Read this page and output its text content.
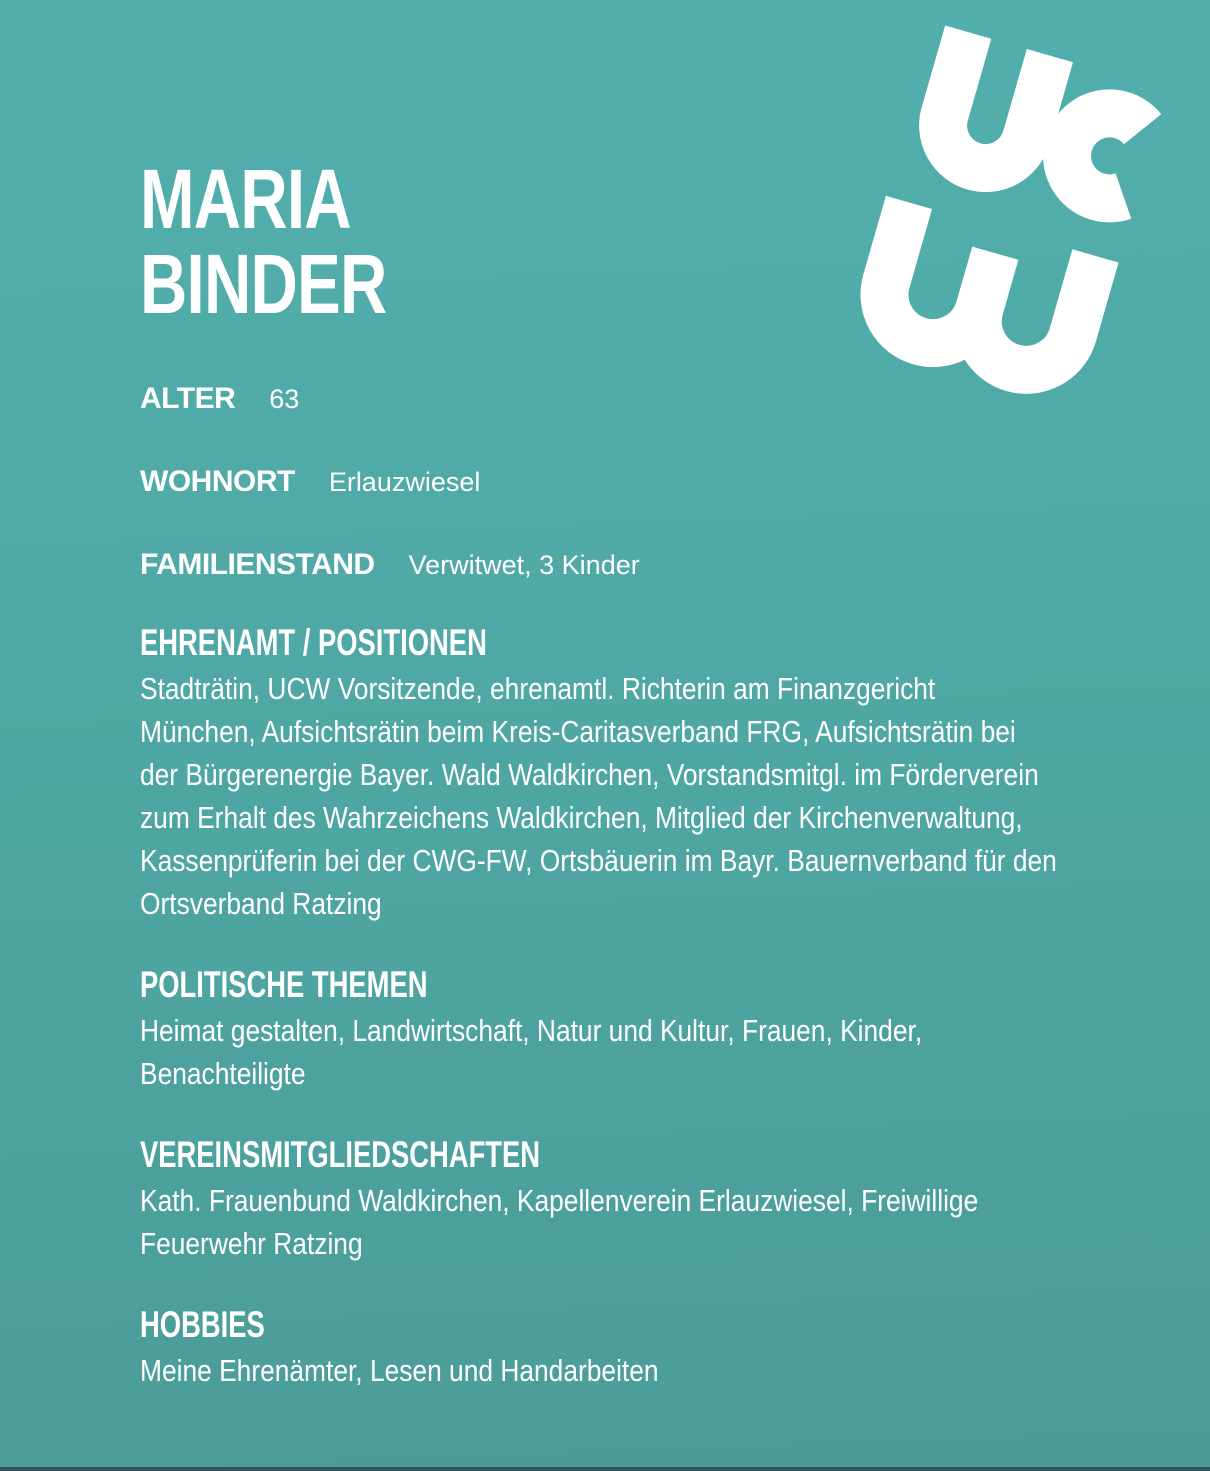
MARIA
BINDER
ALTER 63
WOHNORT Erlauzwiesel
FAMILIENSTAND Verwitwet, 3 Kinder
EHRENAMT / POSITIONEN

Stadträtin, UCW Vorsitzende, ehrenamtl. Richterin am Finanzgericht München, Aufsichtsrätin beim Kreis-Caritasverband FRG, Aufsichtsrätin bei der Bürgerenergie Bayer. Wald Waldkirchen, Vorstandsmitgl. im Förderverein zum Erhalt des Wahrzeichens Waldkirchen, Mitglied der Kirchenverwaltung, Kassenprüferin bei der CWG-FW, Ortsbäuerin im Bayr. Bauernverband für den Ortsverband Ratzing

POLITISCHE THEMEN

Heimat gestalten, Landwirtschaft, Natur und Kultur, Frauen, Kinder, Benachteiligte

VEREINSMITGLIEDSCHAFTEN

Kath. Frauenbund Waldkirchen, Kapellenverein Erlauzwiesel, Freiwillige Feuerwehr Ratzing

HOBBIES

Meine Ehrenämter, Lesen und Handarbeiten
